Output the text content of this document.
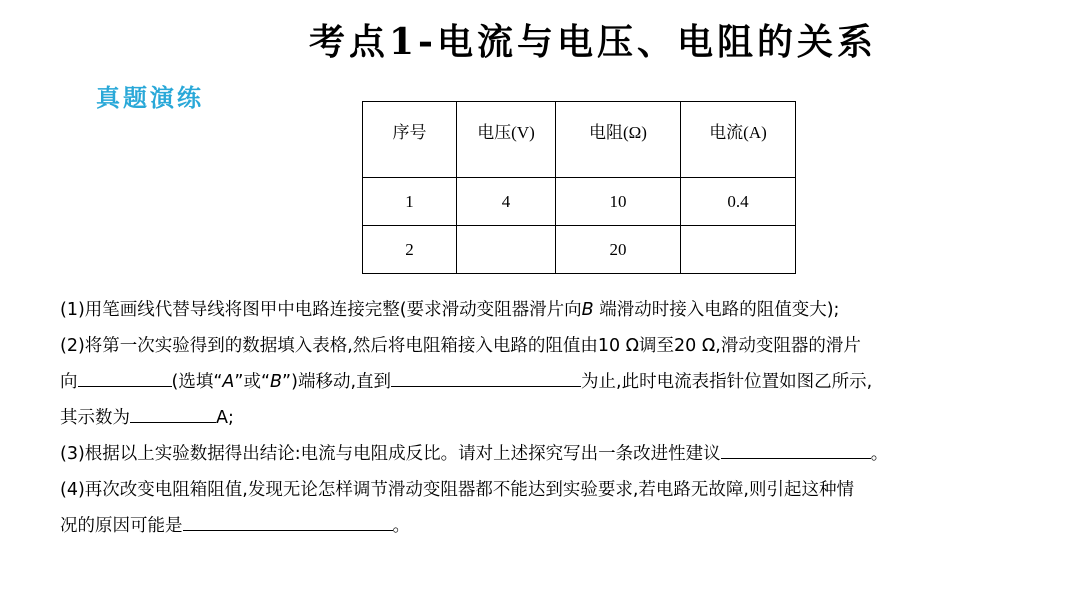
考点1-电流与电压、电阻的关系
真题演练
序号	电压(V)	电阻(Ω)	电流(A)
1	4	10	0.4
2		20	

(1)用笔画线代替导线将图甲中电路连接完整(要求滑动变阻器滑片向B 端滑动时接入电路的阻值变大);

(2)将第一次实验得到的数据填入表格,然后将电阻箱接入电路的阻值由10 Ω调至20 Ω,滑动变阻器的滑片

向	(选填“A”或“B”)端移动,直到	为止,此时电流表指针位置如图乙所示,

其示数为	A;

(3)根据以上实验数据得出结论:电流与电阻成反比。请对上述探究写出一条改进性建议	。

(4)再次改变电阻箱阻值,发现无论怎样调节滑动变阻器都不能达到实验要求,若电路无故障,则引起这种情

况的原因可能是	。
